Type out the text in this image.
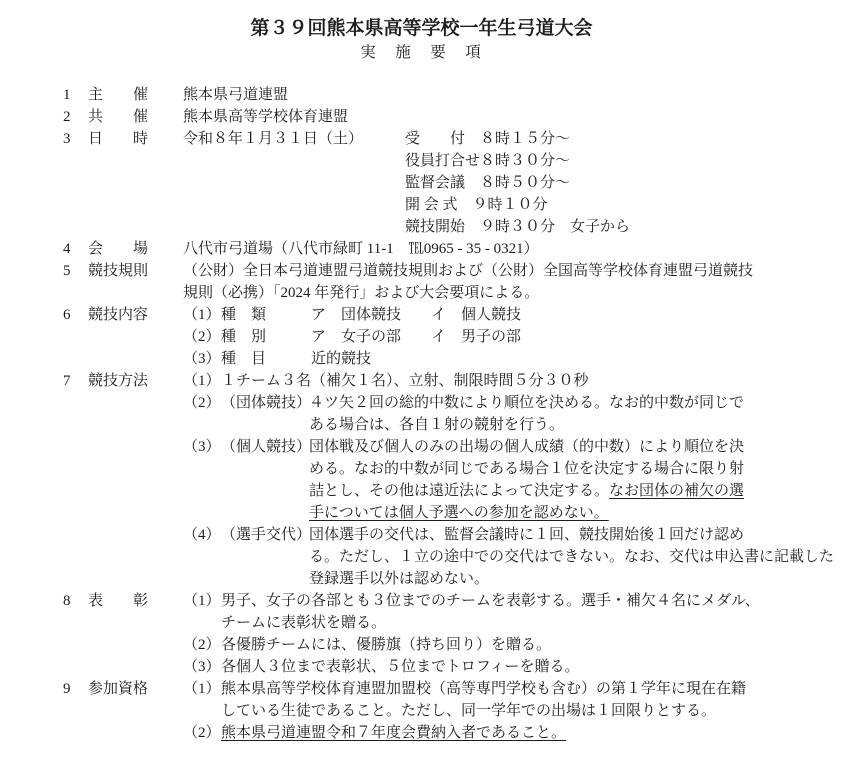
第３９回熊本県高等学校一年生弓道大会
実　施　要　項
1	主　　催	熊本県弓道連盟
2	共　　催	熊本県高等学校体育連盟
3	日　　時	令和８年１月３１日（土）	受　　付　８時１５分～
役員打合せ８時３０分～
監督会議　８時５０分～
開 会 式　９時１０分
競技開始　９時３０分　女子から
4	会　　場	八代市弓道場（八代市緑町 11-1　℡0965 - 35 - 0321）
5	競技規則	（公財）全日本弓道連盟弓道競技規則および（公財）全国高等学校体育連盟弓道競技
規則（必携）「2024 年発行」および大会要項による。
6	競技内容	（1） 種　類　　　ア　団体競技　　イ　個人競技
（2） 種　別　　　ア　女子の部　　イ　男子の部
（3） 種　目　　　近的競技
7	競技方法	（1） １チーム３名（補欠１名）、立射、制限時間５分３０秒
（2） （団体競技）
４ツ矢２回の総的中数により順位を決める。なお的中数が同じで
ある場合は、各自１射の競射を行う。
（3） （個人競技）
団体戦及び個人のみの出場の個人成績（的中数）により順位を決
める。なお的中数が同じである場合１位を決定する場合に限り射
詰とし、その他は遠近法によって決定する。なお団体の補欠の選
手については個人予選への参加を認めない。
（4） （選手交代）
団体選手の交代は、監督会議時に１回、競技開始後１回だけ認め
る。ただし、１立の途中での交代はできない。なお、交代は申込書に記載した
登録選手以外は認めない。
8	表　　彰	（1） 男子、女子の各部とも３位までのチームを表彰する。選手・補欠４名にメダル、
チームに表彰状を贈る。
（2） 各優勝チームには、優勝旗（持ち回り）を贈る。
（3） 各個人３位まで表彰状、５位までトロフィーを贈る。
9	参加資格	（1） 熊本県高等学校体育連盟加盟校（高等専門学校も含む）の第１学年に現在在籍
している生徒であること。ただし、同一学年での出場は１回限りとする。
（2） 熊本県弓道連盟令和７年度会費納入者であること。
